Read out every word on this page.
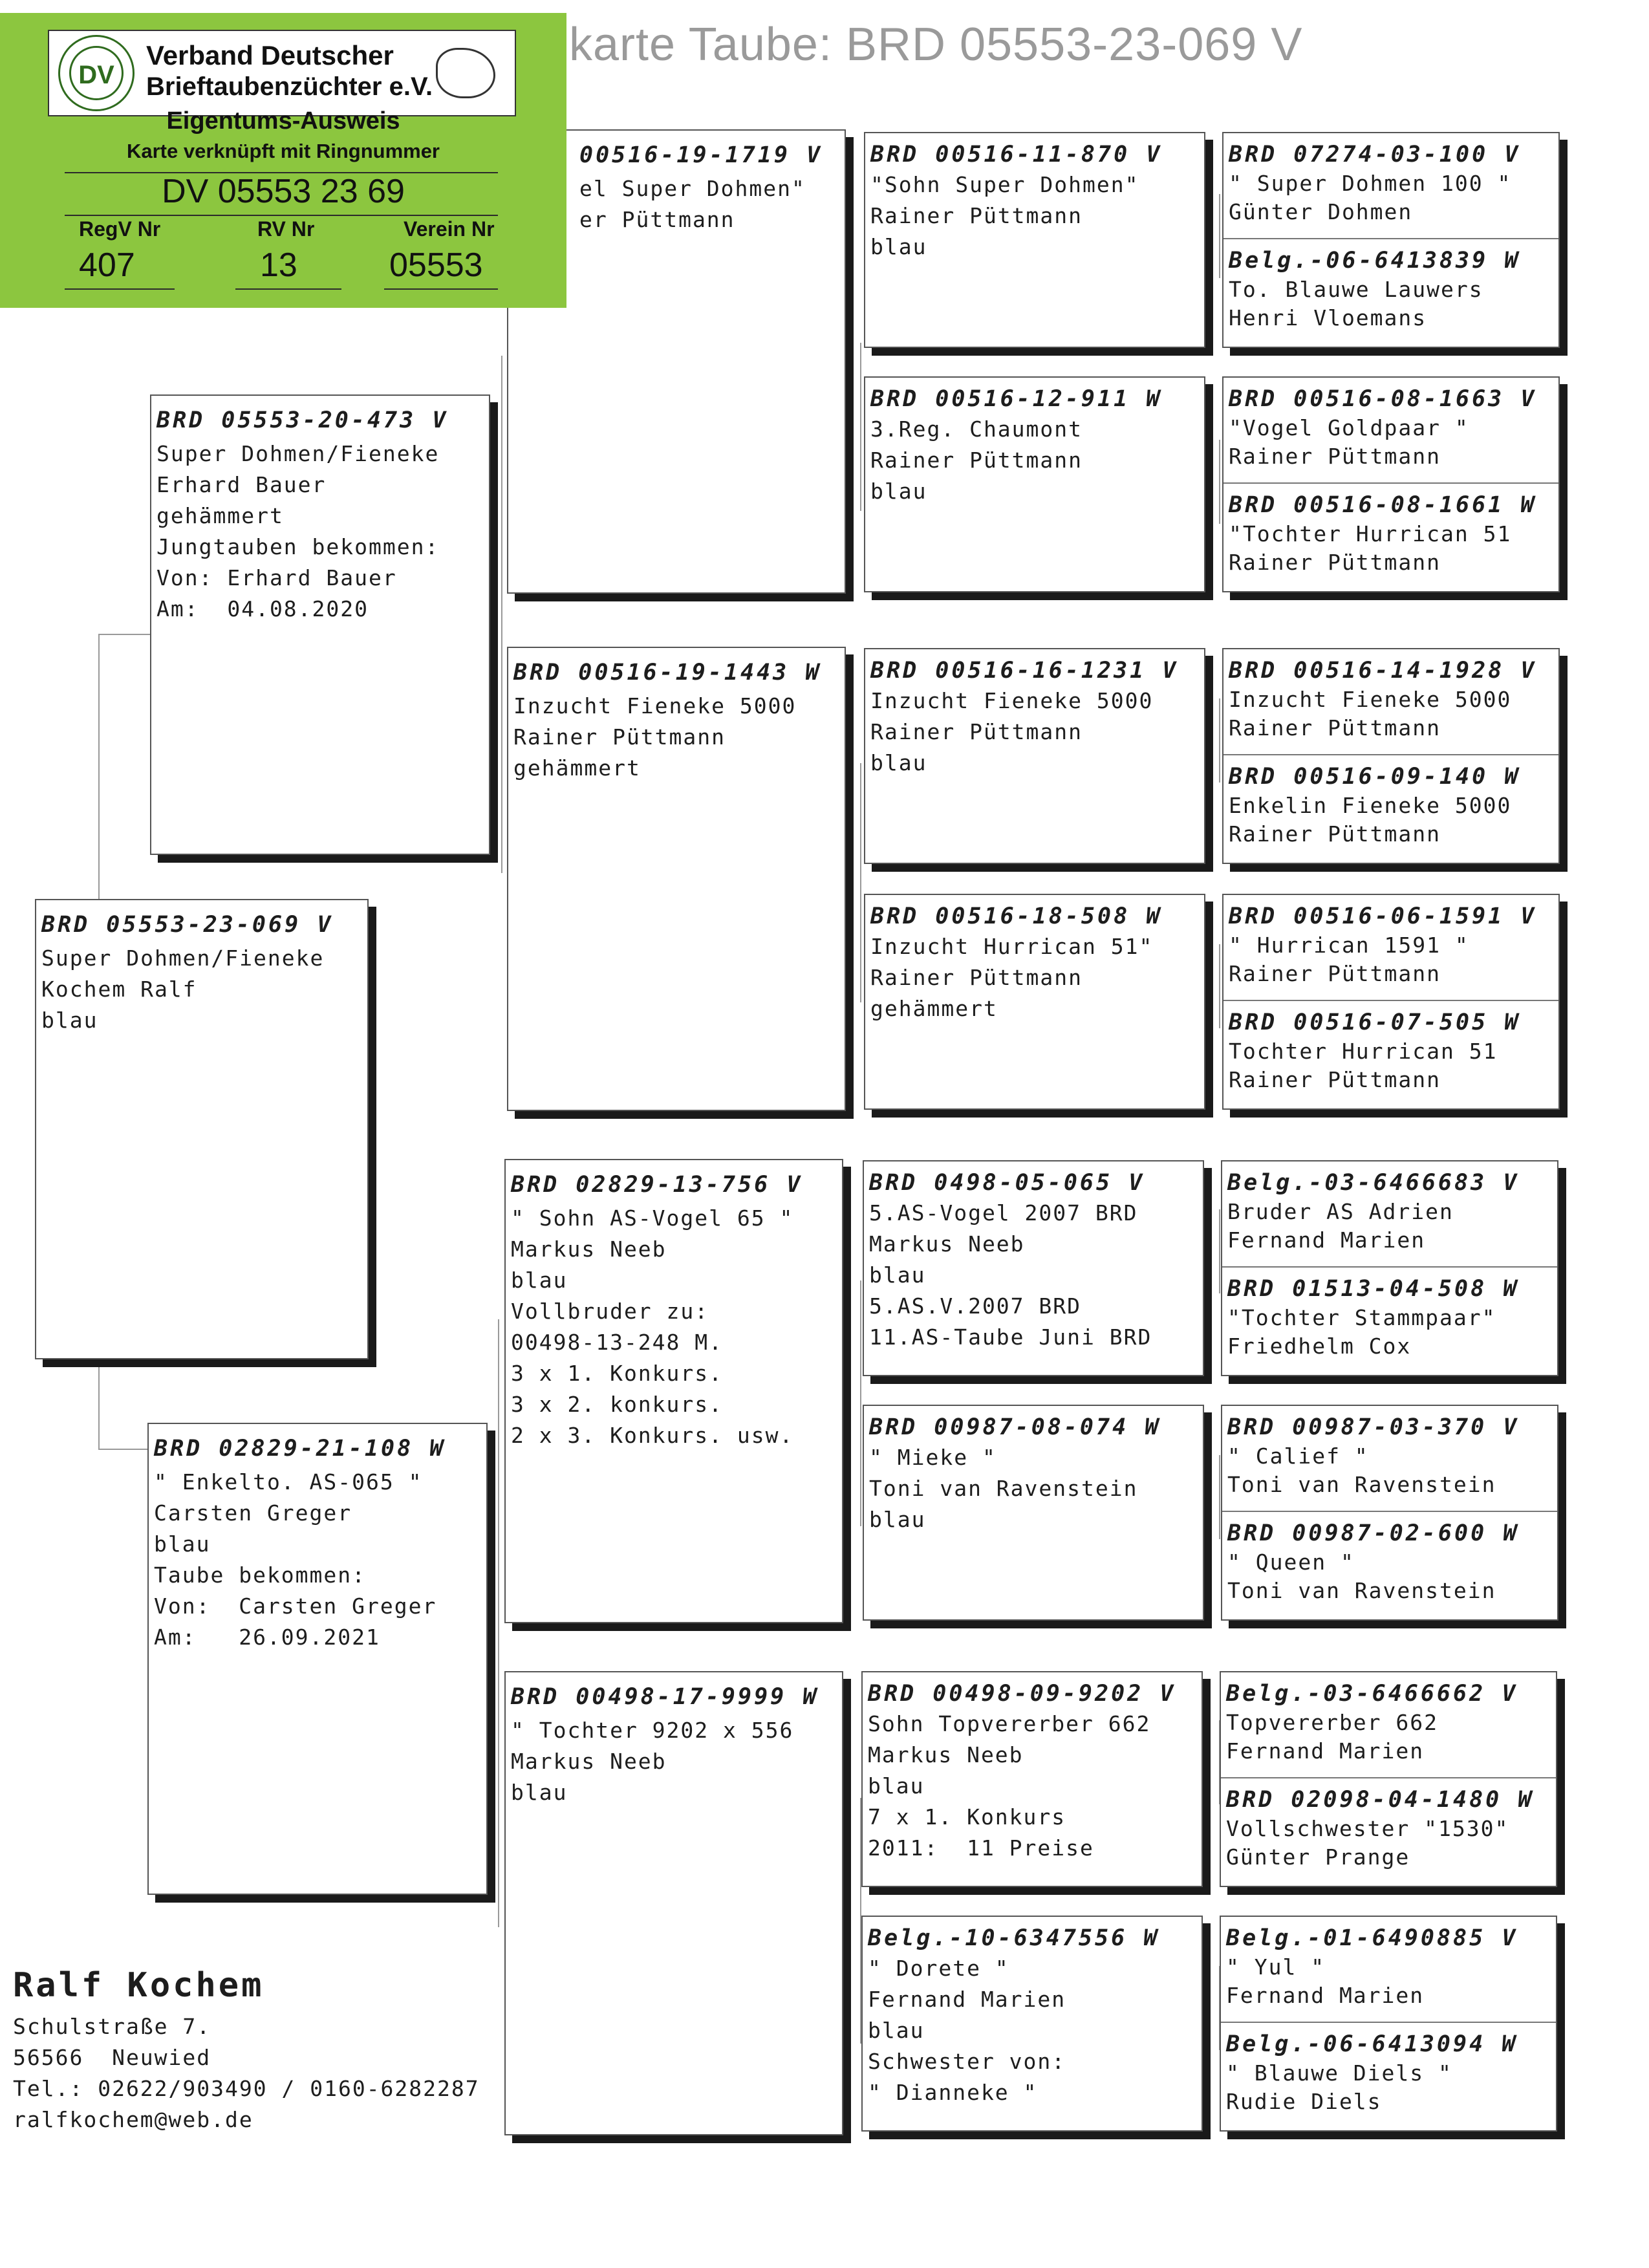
karte Taube: BRD 05553-23-069 V
BRD 05553-23-069 V
Super Dohmen/Fieneke
Kochem Ralf
blau
BRD 05553-20-473 V
Super Dohmen/Fieneke
Erhard Bauer
gehämmert
Jungtauben bekommen:
Von: Erhard Bauer
Am:  04.08.2020
BRD 02829-21-108 W
" Enkelto. AS-065 "
Carsten Greger
blau
Taube bekommen:
Von:  Carsten Greger
Am:   26.09.2021
00516-19-1719 V
el Super Dohmen"
er Püttmann
BRD 00516-19-1443 W
Inzucht Fieneke 5000
Rainer Püttmann
gehämmert
BRD 02829-13-756 V
" Sohn AS-Vogel 65 "
Markus Neeb
blau
Vollbruder zu:
00498-13-248 M.
3 x 1. Konkurs.
3 x 2. konkurs.
2 x 3. Konkurs. usw.
BRD 00498-17-9999 W
" Tochter 9202 x 556
Markus Neeb
blau
BRD 00516-11-870 V
"Sohn Super Dohmen"
Rainer Püttmann
blau
BRD 00516-12-911 W
3.Reg. Chaumont
Rainer Püttmann
blau
BRD 00516-16-1231 V
Inzucht Fieneke 5000
Rainer Püttmann
blau
BRD 00516-18-508 W
Inzucht Hurrican 51"
Rainer Püttmann
gehämmert
BRD 0498-05-065 V
5.AS-Vogel 2007 BRD
Markus Neeb
blau
5.AS.V.2007 BRD
11.AS-Taube Juni BRD
BRD 00987-08-074 W
" Mieke "
Toni van Ravenstein
blau
BRD 00498-09-9202 V
Sohn Topvererber 662
Markus Neeb
blau
7 x 1. Konkurs
2011:  11 Preise
Belg.-10-6347556 W
" Dorete "
Fernand Marien
blau
Schwester von:
" Dianneke "
BRD 07274-03-100 V
" Super Dohmen 100 "
Günter Dohmen
Belg.-06-6413839 W
To. Blauwe Lauwers
Henri Vloemans
BRD 00516-08-1663 V
"Vogel Goldpaar "
Rainer Püttmann
BRD 00516-08-1661 W
"Tochter Hurrican 51
Rainer Püttmann
BRD 00516-14-1928 V
Inzucht Fieneke 5000
Rainer Püttmann
BRD 00516-09-140 W
Enkelin Fieneke 5000
Rainer Püttmann
BRD 00516-06-1591 V
" Hurrican 1591 "
Rainer Püttmann
BRD 00516-07-505 W
Tochter Hurrican 51
Rainer Püttmann
Belg.-03-6466683 V
Bruder AS Adrien
Fernand Marien
BRD 01513-04-508 W
"Tochter Stammpaar"
Friedhelm Cox
BRD 00987-03-370 V
" Calief "
Toni van Ravenstein
BRD 00987-02-600 W
" Queen "
Toni van Ravenstein
Belg.-03-6466662 V
Topvererber 662
Fernand Marien
BRD 02098-04-1480 W
Vollschwester "1530"
Günter Prange
Belg.-01-6490885 V
" Yul "
Fernand Marien
Belg.-06-6413094 W
" Blauwe Diels "
Rudie Diels
DV
Verband Deutscher
Brieftaubenzüchter e.V.
Eigentums-Ausweis
Karte verknüpft mit Ringnummer
DV 05553 23 69
RegV Nr	RV Nr	Verein Nr
407	13	05553
Ralf Kochem
Schulstraße 7.
56566  Neuwied
Tel.: 02622/903490 / 0160-6282287
ralfkochem@web.de
